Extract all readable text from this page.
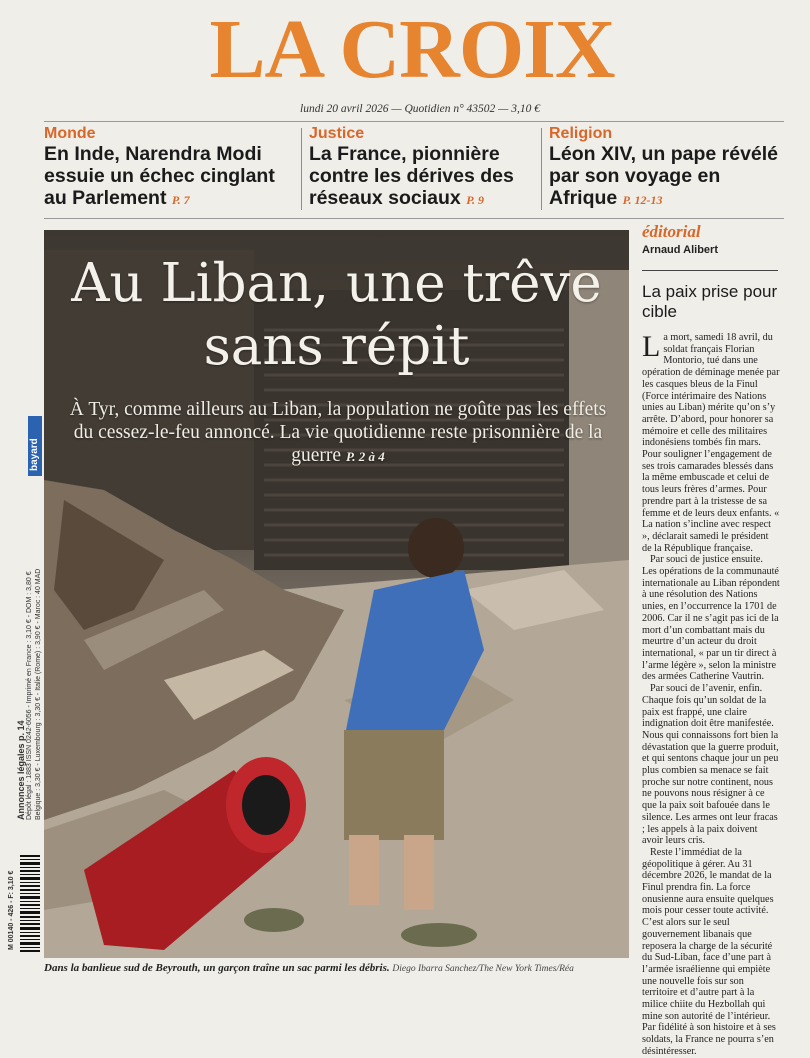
LA CROIX
lundi 20 avril 2026 — Quotidien n° 43502 — 3,10 €
Monde
En Inde, Narendra Modi essuie un échec cinglant au Parlement P. 7
Justice
La France, pionnière contre les dérives des réseaux sociaux P. 9
Religion
Léon XIV, un pape révélé par son voyage en Afrique P. 12-13
Au Liban, une trêve
sans répit
À Tyr, comme ailleurs au Liban, la population ne goûte pas les effets du cessez-le-feu annoncé. La vie quotidienne reste prisonnière de la guerre P. 2 à 4
Dans la banlieue sud de Beyrouth, un garçon traîne un sac parmi les débris. Diego Ibarra Sanchez/The New York Times/Réa
bayard
Annonces légales p. 14 Dépôt légal : 1883 ISSN 0242-6056 - Imprimé en France : 3,10 € - DOM : 3,80 € Belgique : 3,30 € - Luxembourg : 3,30 € - Italie (Rome) : 3,90 € - Maroc : 40 MAD
M 00140 - 426 - F: 3,10 €

éditorial

Arnaud Alibert

La paix prise pour cible

La mort, samedi 18 avril, du soldat français Florian Montorio, tué dans une opération de déminage menée par les casques bleus de la Finul (Force intérimaire des Nations unies au Liban) mérite qu’on s’y arrête. D’abord, pour honorer sa mémoire et celle des militaires indonésiens tombés fin mars. Pour souligner l’engagement de ses trois camarades blessés dans la même embuscade et celui de tous leurs frères d’armes. Pour prendre part à la tristesse de sa femme et de leurs deux enfants. « La nation s’incline avec respect », déclarait samedi le président de la République française.

Par souci de justice ensuite. Les opérations de la communauté internationale au Liban répondent à une résolution des Nations unies, en l’occurrence la 1701 de 2006. Car il ne s’agit pas ici de la mort d’un combattant mais du meurtre d’un acteur du droit international, « par un tir direct à l’arme légère », selon la ministre des armées Catherine Vautrin.

Par souci de l’avenir, enfin. Chaque fois qu’un soldat de la paix est frappé, une claire indignation doit être manifestée. Nous qui connaissons fort bien la dévastation que la guerre produit, et qui sentons chaque jour un peu plus combien sa menace se fait proche sur notre continent, nous ne pouvons nous résigner à ce que la paix soit bafouée dans le silence. Les armes ont leur fracas ; les appels à la paix doivent avoir leurs cris.

Reste l’immédiat de la géopolitique à gérer. Au 31 décembre 2026, le mandat de la Finul prendra fin. La force onusienne aura ensuite quelques mois pour cesser toute activité. C’est alors sur le seul gouvernement libanais que reposera la charge de la sécurité du Sud-Liban, face d’une part à l’armée israélienne qui empiète une nouvelle fois sur son territoire et d’autre part à la milice chiite du Hezbollah qui mine son autorité de l’intérieur. Par fidélité à son histoire et à ses soldats, la France ne pourra s’en désintéresser.
